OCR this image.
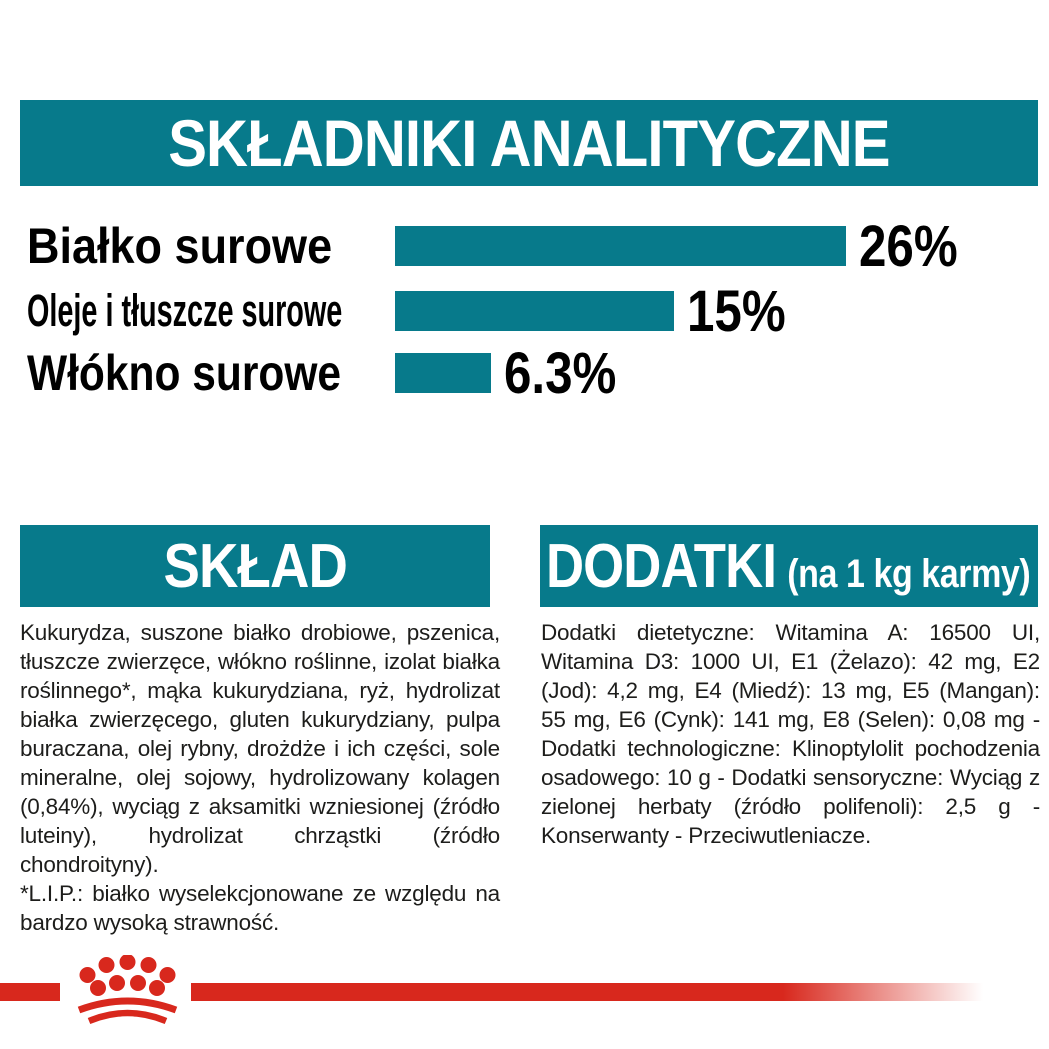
SKŁADNIKI ANALITYCZNE
Białko surowe	26%
Oleje i tłuszcze surowe	15%
Włókno surowe	6.3%
SKŁAD	DODATKI (na 1 kg karmy)

Kukurydza, suszone białko drobiowe, pszenica, tłuszcze zwierzęce, włókno roślinne, izolat białka roślinnego*, mąka kukurydziana, ryż, hydrolizat białka zwierzęcego, gluten kukurydziany, pulpa buraczana, olej rybny, drożdże i ich części, sole mineralne, olej sojowy, hydrolizowany kolagen (0,84%), wyciąg z aksamitki wzniesionej (źródło luteiny), hydrolizat chrząstki (źródło chondroityny).

*L.I.P.: białko wyselekcjonowane ze względu na bardzo wysoką strawność.

Dodatki dietetyczne: Witamina A: 16500 UI, Witamina D3: 1000 UI, E1 (Żelazo): 42 mg, E2 (Jod): 4,2 mg, E4 (Miedź): 13 mg, E5 (Mangan): 55 mg, E6 (Cynk): 141 mg, E8 (Selen): 0,08 mg - Dodatki technologiczne: Klinoptylolit pochodzenia osadowego: 10 g - Dodatki sensoryczne: Wyciąg z zielonej herbaty (źródło polifenoli): 2,5 g - Konserwanty - Przeciwutleniacze.
